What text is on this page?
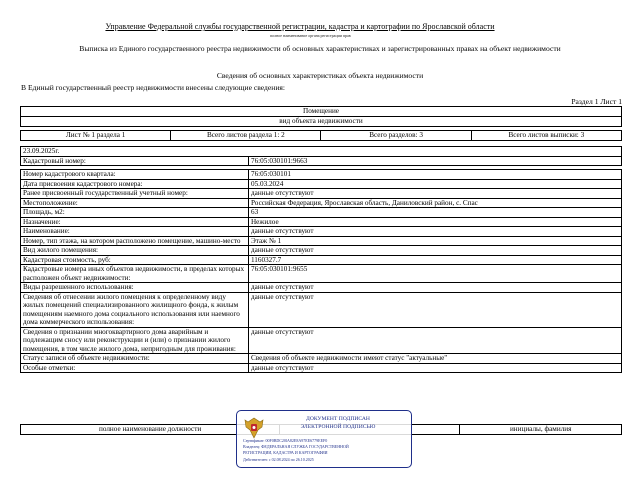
Управление Федеральной службы государственной регистрации, кадастра и картографии по Ярославской области
полное наименование органа регистрации прав
Выписка из Единого государственного реестра недвижимости об основных характеристиках и зарегистрированных правах на объект недвижимости
Сведения об основных характеристиках объекта недвижимости
В Единый государственный реестр недвижимости внесены следующие сведения:
Раздел 1 Лист 1
Помещение
вид объекта недвижимости
Лист № 1 раздела 1	Всего листов раздела 1: 2	Всего разделов: 3	Всего листов выписки: 3
23.09.2025г.	
Кадастровый номер:	76:05:030101:9663

Номер кадастрового квартала:	76:05:030101
Дата присвоения кадастрового номера:	05.03.2024
Ранее присвоенный государственный учетный номер:	данные отсутствуют
Местоположение:	Российская Федерация, Ярославская область, Даниловский район, с. Спас
Площадь, м2:	63
Назначение:	Нежилое
Наименование:	данные отсутствуют
Номер, тип этажа, на котором расположено помещение, машино-место	Этаж № 1
Вид жилого помещения:	данные отсутствуют
Кадастровая стоимость, руб:	1160327.7
Кадастровые номера иных объектов недвижимости, в пределах которых расположен объект недвижимости:	76:05:030101:9655
Виды разрешенного использования:	данные отсутствуют
Сведения об отнесении жилого помещения к определенному виду жилых помещений специализированного жилищного фонда, к жилым помещениям наемного дома социального использования или наемного дома коммерческого использования:	данные отсутствуют
Сведения о признании многоквартирного дома аварийным и подлежащим сносу или реконструкции и (или) о признании жилого помещения, в том числе жилого дома, непригодным для проживания:	данные отсутствуют
Статус записи об объекте недвижимости:	Сведения об объекте недвижимости имеют статус "актуальные"
Особые отметки:	данные отсутствуют
полное наименование должности		инициалы, фамилия
ДОКУМЕНТ ПОДПИСАН
ЭЛЕКТРОННОЙ ПОДПИСЬЮ
Сертификат: 00F0BDC20lA82E8A97EE6779EEF0
Владелец: ФЕДЕРАЛЬНАЯ СЛУЖБА ГОСУДАРСТВЕННОЙ
РЕГИСТРАЦИИ, КАДАСТРА И КАРТОГРАФИИ
Действителен: с 02.08.2024 по 26.10.2025
